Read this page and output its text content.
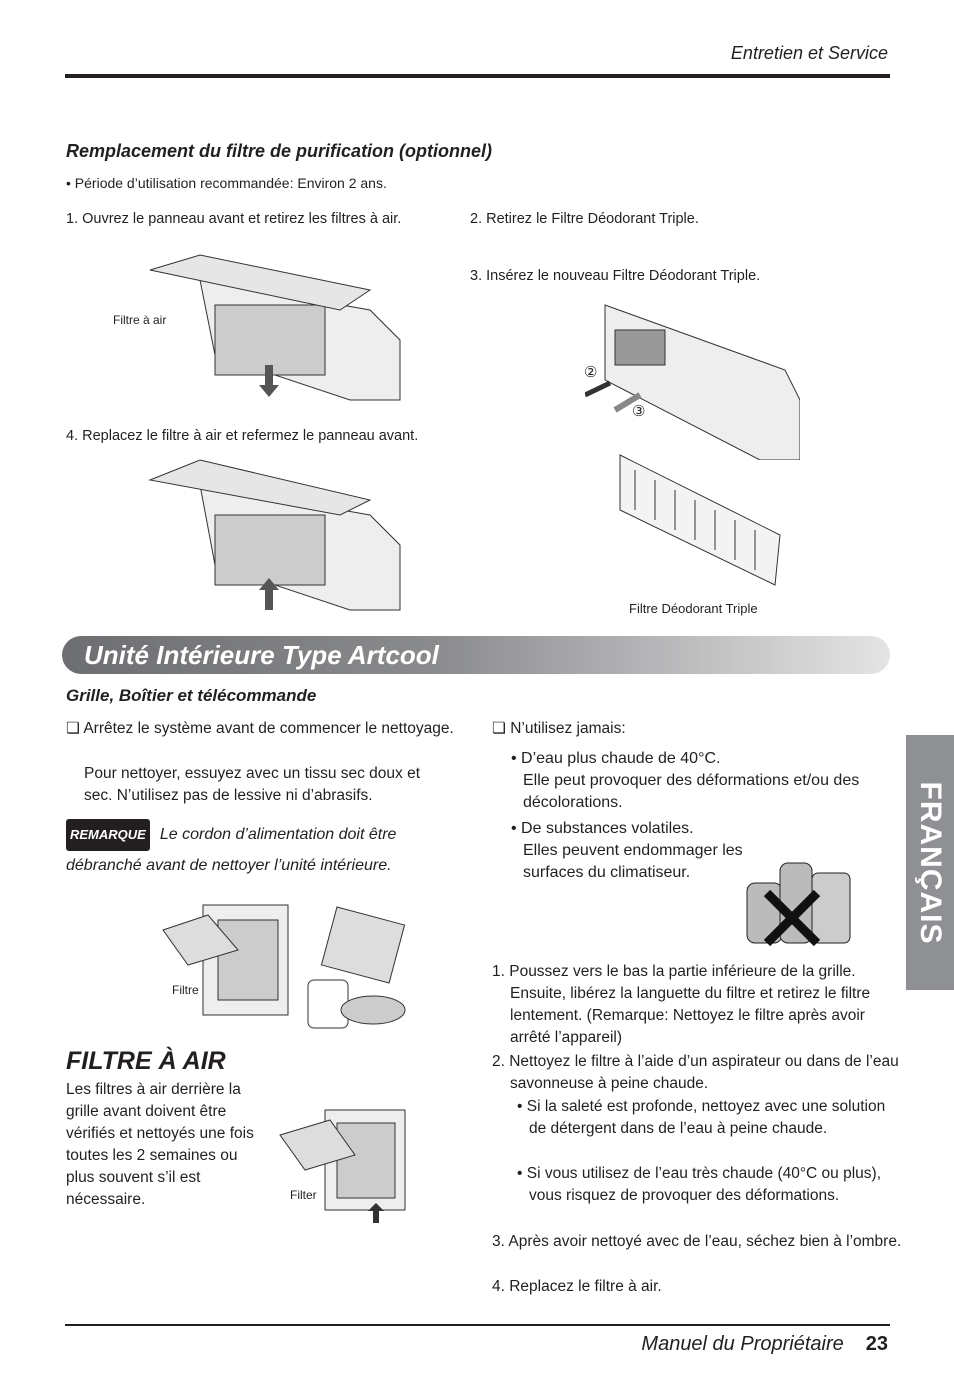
Entretien et Service
Remplacement du filtre de purification (optionnel)
• Période d’utilisation recommandée: Environ 2 ans.
1. Ouvrez le panneau avant et retirez les filtres à air.	2. Retirez le Filtre Déodorant Triple.
3. Insérez le nouveau Filtre Déodorant Triple.
4. Replacez le filtre à air et refermez le panneau avant.
Filtre à air
②
③
Filtre Déodorant Triple
Unité Intérieure Type Artcool
FRANÇAIS
Grille, Boîtier et télécommande
❏ Arrêtez le système avant de commencer le nettoyage.
Pour nettoyer, essuyez avec un tissu sec doux et sec. N’utilisez pas de lessive ni d’abrasifs.
REMARQUE Le cordon d’alimentation doit être débranché avant de nettoyer l’unité intérieure.
❏ N’utilisez jamais:
• D’eau plus chaude de 40°C.
Elle peut provoquer des déformations et/ou des décolorations.
• De substances volatiles.
Elles peuvent endommager les surfaces du climatiseur.
Filtre
FILTRE À AIR
Les filtres à air derrière la grille avant doivent être vérifiés et nettoyés une fois toutes les 2 semaines ou plus souvent s’il est nécessaire.	Filter
1. Poussez vers le bas la partie inférieure de la grille. Ensuite, libérez la languette du filtre et retirez le filtre lentement. (Remarque: Nettoyez le filtre après avoir arrêté l’appareil)
2. Nettoyez le filtre à l’aide d’un aspirateur ou dans de l’eau savonneuse à peine chaude.
• Si la saleté est profonde, nettoyez avec une solution de détergent dans de l’eau à peine chaude.
• Si vous utilisez de l’eau très chaude (40°C ou plus), vous risquez de provoquer des déformations.
3. Après avoir nettoyé avec de l’eau, séchez bien à l’ombre.
4. Replacez le filtre à air.
Manuel du Propriétaire 23
